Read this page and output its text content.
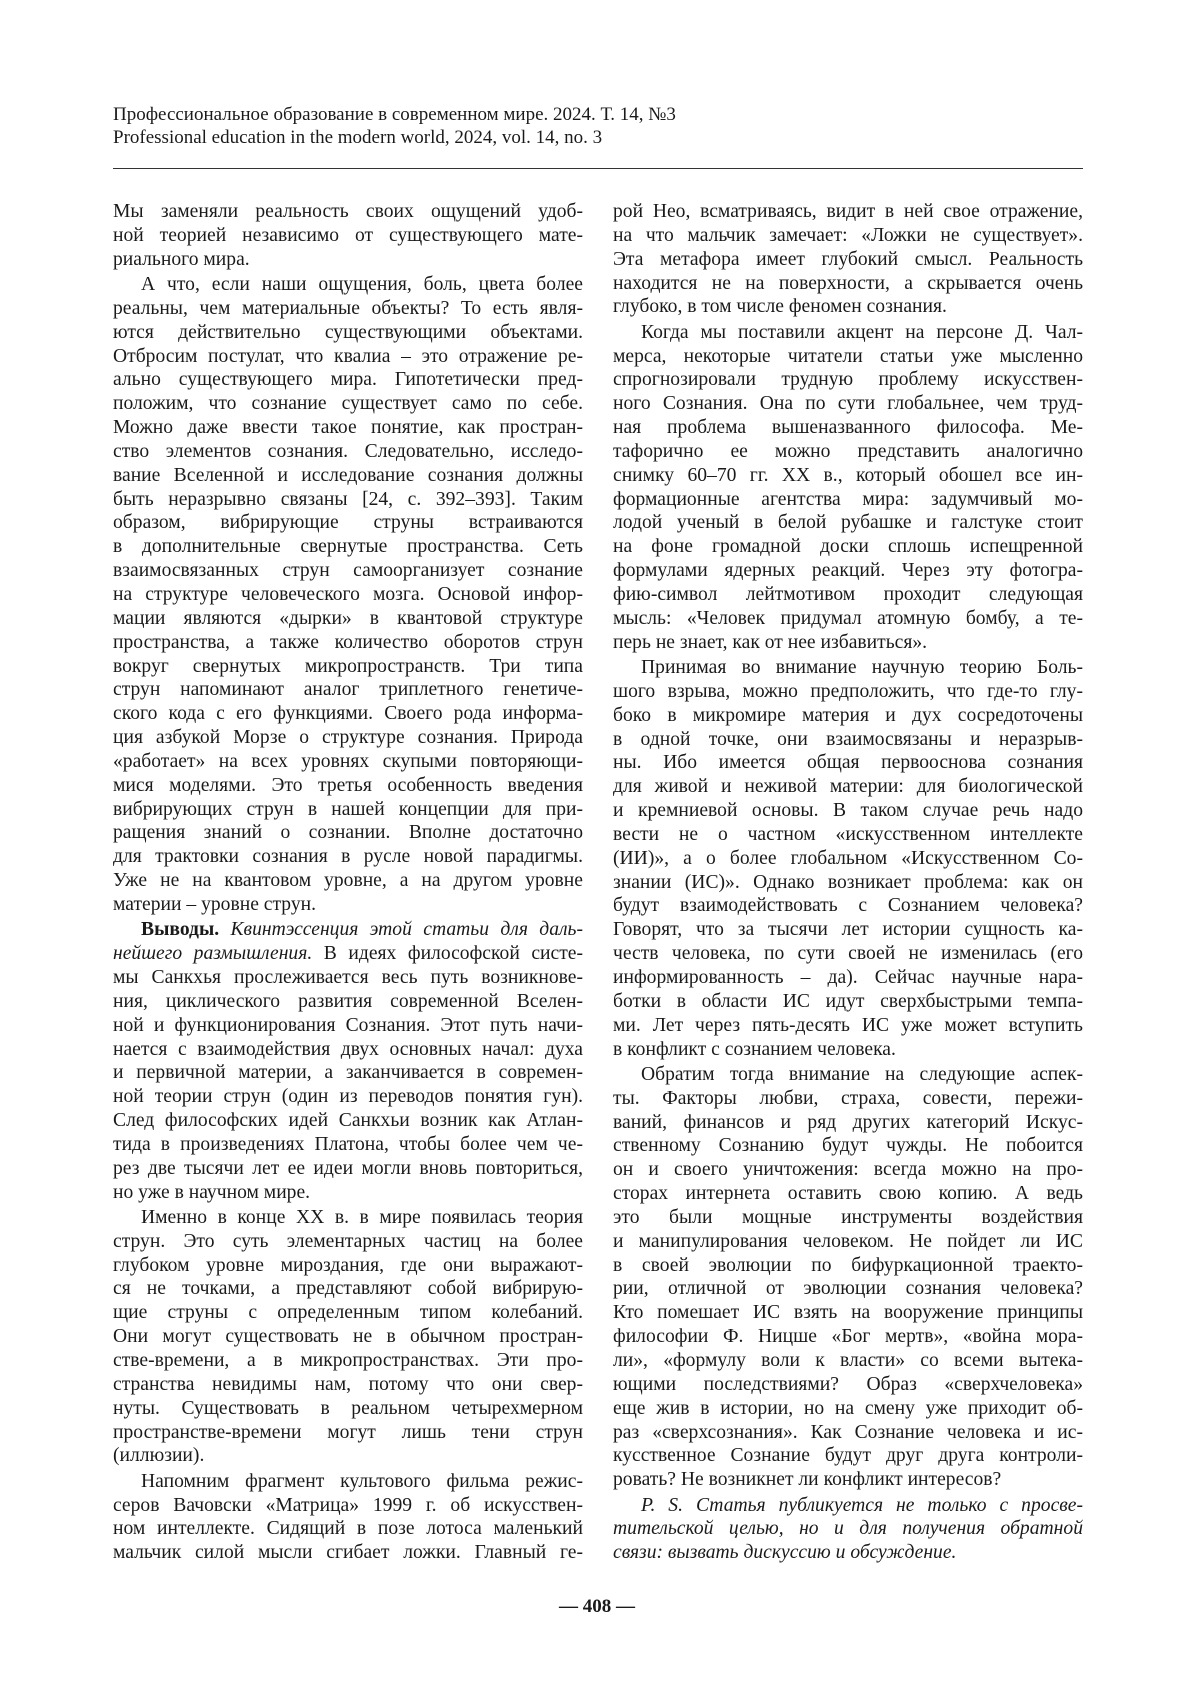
Профессиональное образование в современном мире. 2024. Т. 14, №3
Professional education in the modern world, 2024, vol. 14, no. 3
Мы заменяли реальность своих ощущений удоб-
ной теорией независимо от существующего мате-
риального мира.
А что, если наши ощущения, боль, цвета более
реальны, чем материальные объекты? То есть явля-
ются действительно существующими объектами.
Отбросим постулат, что квалиа – это отражение ре-
ально существующего мира. Гипотетически пред-
положим, что сознание существует само по себе.
Можно даже ввести такое понятие, как простран-
ство элементов сознания. Следовательно, исследо-
вание Вселенной и исследование сознания должны
быть неразрывно связаны [24, с. 392–393]. Таким
образом, вибрирующие струны встраиваются
в дополнительные свернутые пространства. Сеть
взаимосвязанных струн самоорганизует сознание
на структуре человеческого мозга. Основой инфор-
мации являются «дырки» в квантовой структуре
пространства, а также количество оборотов струн
вокруг свернутых микропространств. Три типа
струн напоминают аналог триплетного генетиче-
ского кода с его функциями. Своего рода информа-
ция азбукой Морзе о структуре сознания. Природа
«работает» на всех уровнях скупыми повторяющи-
мися моделями. Это третья особенность введения
вибрирующих струн в нашей концепции для при-
ращения знаний о сознании. Вполне достаточно
для трактовки сознания в русле новой парадигмы.
Уже не на квантовом уровне, а на другом уровне
материи – уровне струн.
Выводы. Квинтэссенция этой статьи для даль-
нейшего размышления. В идеях философской систе-
мы Санкхья прослеживается весь путь возникнове-
ния, циклического развития современной Вселен-
ной и функционирования Сознания. Этот путь начи-
нается с взаимодействия двух основных начал: духа
и первичной материи, а заканчивается в современ-
ной теории струн (один из переводов понятия гун).
След философских идей Санкхьи возник как Атлан-
тида в произведениях Платона, чтобы более чем че-
рез две тысячи лет ее идеи могли вновь повториться,
но уже в научном мире.
Именно в конце XX в. в мире появилась теория
струн. Это суть элементарных частиц на более
глубоком уровне мироздания, где они выражают-
ся не точками, а представляют собой вибрирую-
щие струны с определенным типом колебаний.
Они могут существовать не в обычном простран-
стве-времени, а в микропространствах. Эти про-
странства невидимы нам, потому что они свер-
нуты. Существовать в реальном четырехмерном
пространстве-времени могут лишь тени струн
(иллюзии).
Напомним фрагмент культового фильма режис-
серов Вачовски «Матрица» 1999 г. об искусствен-
ном интеллекте. Сидящий в позе лотоса маленький
мальчик силой мысли сгибает ложки. Главный ге-
рой Нео, всматриваясь, видит в ней свое отражение,
на что мальчик замечает: «Ложки не существует».
Эта метафора имеет глубокий смысл. Реальность
находится не на поверхности, а скрывается очень
глубоко, в том числе феномен сознания.
Когда мы поставили акцент на персоне Д. Чал-
мерса, некоторые читатели статьи уже мысленно
спрогнозировали трудную проблему искусствен-
ного Сознания. Она по сути глобальнее, чем труд-
ная проблема вышеназванного философа. Ме-
тафорично ее можно представить аналогично
снимку 60–70 гг. XX в., который обошел все ин-
формационные агентства мира: задумчивый мо-
лодой ученый в белой рубашке и галстуке стоит
на фоне громадной доски сплошь испещренной
формулами ядерных реакций. Через эту фотогра-
фию-символ лейтмотивом проходит следующая
мысль: «Человек придумал атомную бомбу, а те-
перь не знает, как от нее избавиться».
Принимая во внимание научную теорию Боль-
шого взрыва, можно предположить, что где-то глу-
боко в микромире материя и дух сосредоточены
в одной точке, они взаимосвязаны и неразрыв-
ны. Ибо имеется общая первооснова сознания
для живой и неживой материи: для биологической
и кремниевой основы. В таком случае речь надо
вести не о частном «искусственном интеллекте
(ИИ)», а о более глобальном «Искусственном Со-
знании (ИС)». Однако возникает проблема: как он
будут взаимодействовать с Сознанием человека?
Говорят, что за тысячи лет истории сущность ка-
честв человека, по сути своей не изменилась (его
информированность – да). Сейчас научные нара-
ботки в области ИС идут сверхбыстрыми темпа-
ми. Лет через пять-десять ИС уже может вступить
в конфликт с сознанием человека.
Обратим тогда внимание на следующие аспек-
ты. Факторы любви, страха, совести, пережи-
ваний, финансов и ряд других категорий Искус-
ственному Сознанию будут чужды. Не побоится
он и своего уничтожения: всегда можно на про-
сторах интернета оставить свою копию. А ведь
это были мощные инструменты воздействия
и манипулирования человеком. Не пойдет ли ИС
в своей эволюции по бифуркационной траекто-
рии, отличной от эволюции сознания человека?
Кто помешает ИС взять на вооружение принципы
философии Ф. Ницше «Бог мертв», «война мора-
ли», «формулу воли к власти» со всеми вытека-
ющими последствиями? Образ «сверхчеловека»
еще жив в истории, но на смену уже приходит об-
раз «сверхсознания». Как Сознание человека и ис-
кусственное Сознание будут друг друга контроли-
ровать? Не возникнет ли конфликт интересов?
P. S. Статья публикуется не только с просве-
тительской целью, но и для получения обратной
связи: вызвать дискуссию и обсуждение.
— 408 —
